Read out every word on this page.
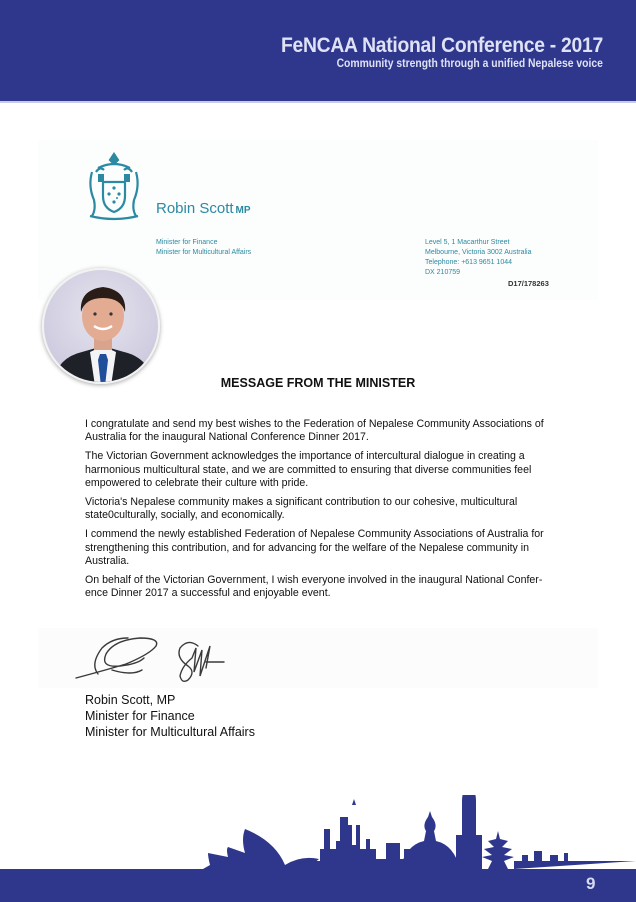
FeNCAA National Conference - 2017
Community strength through a unified Nepalese voice
Robin Scott MP
Minister for Finance
Minister for Multicultural Affairs
Level 5, 1 Macarthur Street
Melbourne, Victoria 3002 Australia
Telephone: +613 9651 1044
DX 210759
D17/178263
MESSAGE FROM THE MINISTER

I congratulate and send my best wishes to the Federation of Nepalese Community Associations of Australia for the inaugural National Conference Dinner 2017.

The Victorian Government acknowledges the importance of intercultural dialogue in creating a harmonious multicultural state, and we are committed to ensuring that diverse communities feel empowered to celebrate their culture with pride.

Victoria's Nepalese community makes a significant contribution to our cohesive, multicultural state0culturally, socially, and economically.

I commend the newly established Federation of Nepalese Community Associations of Australia for strengthening this contribution, and for advancing for the welfare of the Nepalese community in Australia.

On behalf of the Victorian Government, I wish everyone involved in the inaugural National Confer-ence Dinner 2017 a successful and enjoyable event.

Robin Scott, MP
Minister for Finance
Minister for Multicultural Affairs
9
